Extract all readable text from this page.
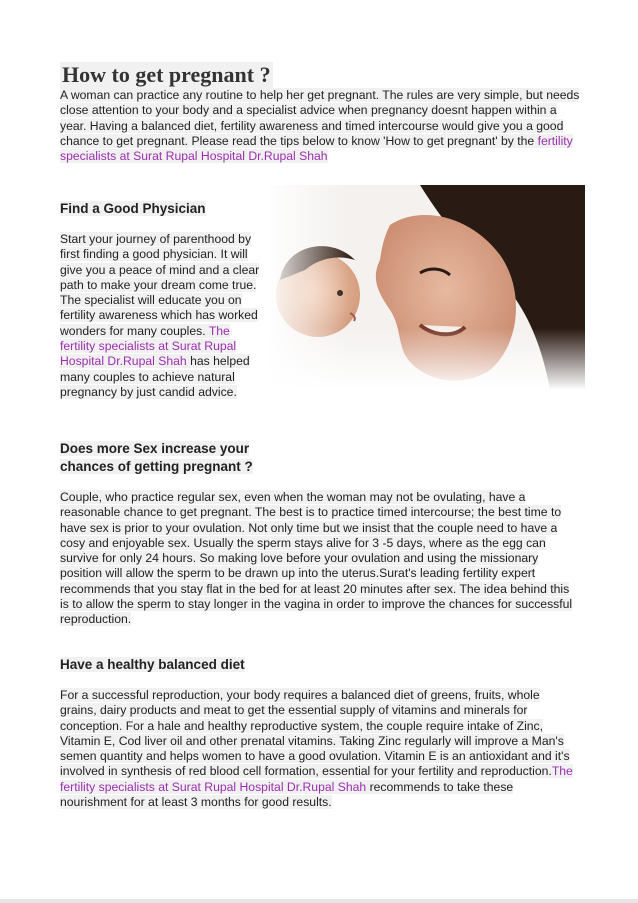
How to get pregnant ?

A woman can practice any routine to help her get pregnant. The rules are very simple, but needs close attention to your body and a specialist advice when pregnancy doesnt happen within a year. Having a balanced diet, fertility awareness and timed intercourse would give you a good chance to get pregnant. Please read the tips below to know 'How to get pregnant' by the fertility specialists at Surat Rupal Hospital Dr.Rupal Shah

Find a Good Physician

Start your journey of parenthood by first finding a good physician. It will give you a peace of mind and a clear path to make your dream come true. The specialist will educate you on fertility awareness which has worked wonders for many couples. The fertility specialists at Surat Rupal Hospital Dr.Rupal Shah has helped many couples to achieve natural pregnancy by just candid advice.

Does more Sex increase your
chances of getting pregnant ?

Couple, who practice regular sex, even when the woman may not be ovulating, have a reasonable chance to get pregnant. The best is to practice timed intercourse; the best time to have sex is prior to your ovulation. Not only time but we insist that the couple need to have a cosy and enjoyable sex. Usually the sperm stays alive for 3 -5 days, where as the egg can survive for only 24 hours. So making love before your ovulation and using the missionary position will allow the sperm to be drawn up into the uterus.Surat's leading fertility expert recommends that you stay flat in the bed for at least 20 minutes after sex. The idea behind this is to allow the sperm to stay longer in the vagina in order to improve the chances for successful reproduction.

Have a healthy balanced diet

For a successful reproduction, your body requires a balanced diet of greens, fruits, whole grains, dairy products and meat to get the essential supply of vitamins and minerals for conception. For a hale and healthy reproductive system, the couple require intake of Zinc, Vitamin E, Cod liver oil and other prenatal vitamins. Taking Zinc regularly will improve a Man's semen quantity and helps women to have a good ovulation. Vitamin E is an antioxidant and it's involved in synthesis of red blood cell formation, essential for your fertility and reproduction.The fertility specialists at Surat Rupal Hospital Dr.Rupal Shah recommends to take these nourishment for at least 3 months for good results.
